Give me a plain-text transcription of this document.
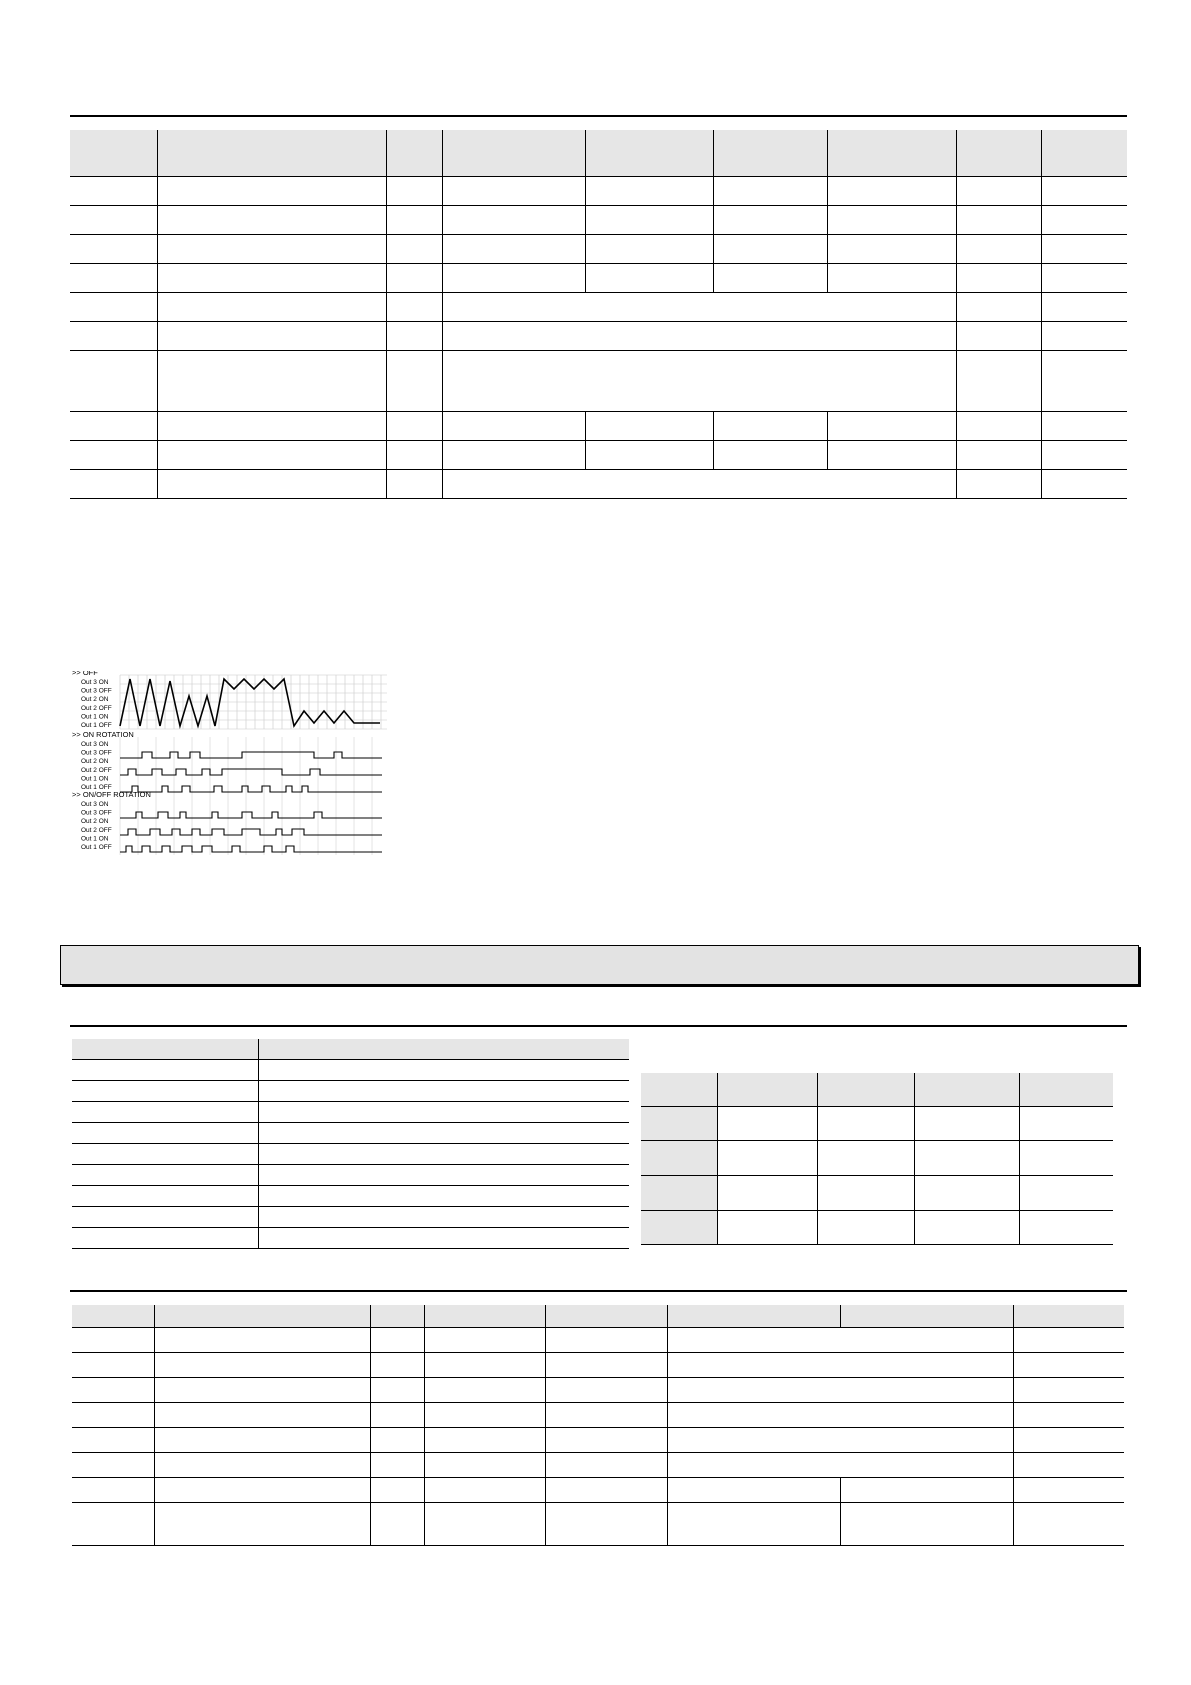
>> OFF
Out 3 ON
Out 3 OFF
Out 2 ON
Out 2 OFF
Out 1 ON
Out 1 OFF
>> ON ROTATION
Out 3 ON
Out 3 OFF
Out 2 ON
Out 2 OFF
Out 1 ON
Out 1 OFF
>> ON/OFF ROTATION
Out 3 ON
Out 3 OFF
Out 2 ON
Out 2 OFF
Out 1 ON
Out 1 OFF
